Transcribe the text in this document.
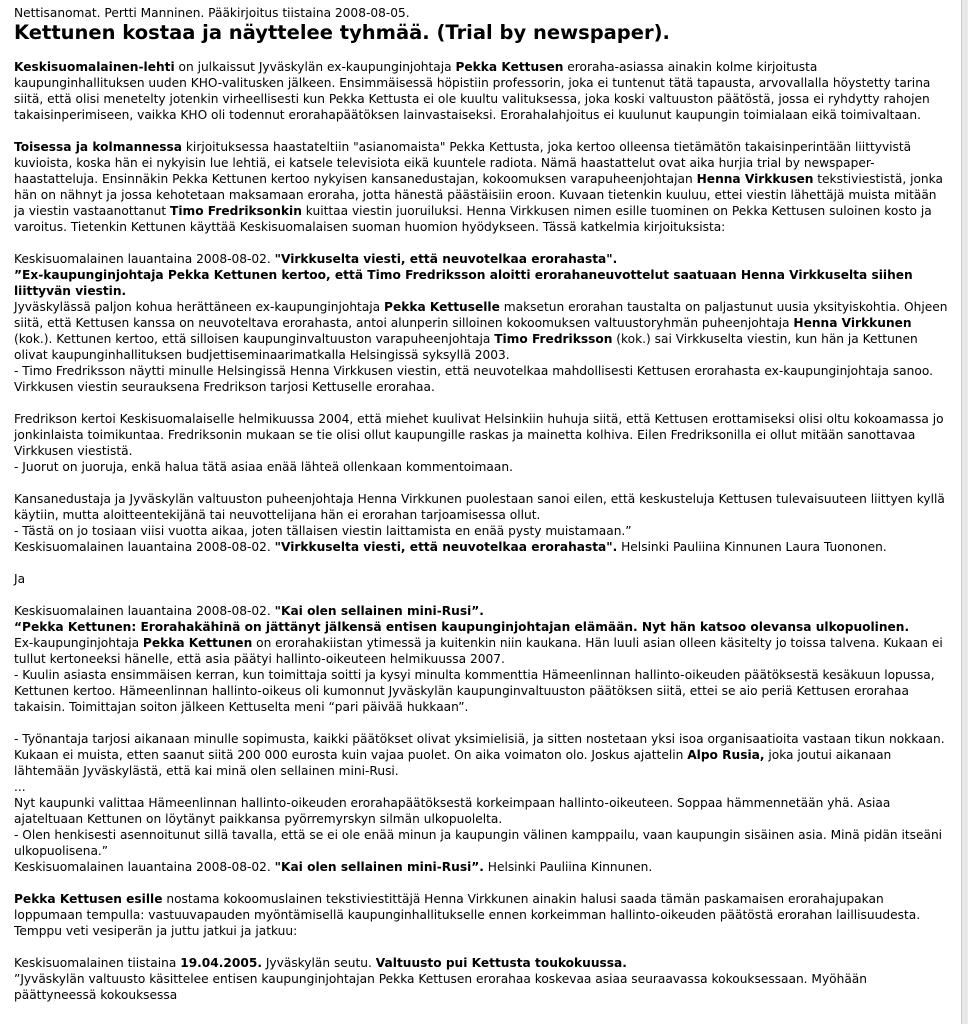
Nettisanomat. Pertti Manninen. Pääkirjoitus tiistaina 2008-08-05.
Kettunen kostaa ja näyttelee tyhmää. (Trial by newspaper).

Keskisuomalainen-lehti on julkaissut Jyväskylän ex-kaupunginjohtaja Pekka Kettusen eroraha-asiassa ainakin kolme kirjoitusta kaupunginhallituksen uuden KHO-valitusken jälkeen. Ensimmäisessä höpistiin professorin, joka ei tuntenut tätä tapausta, arvovallalla höystetty tarina siitä, että olisi menetelty jotenkin virheellisesti kun Pekka Kettusta ei ole kuultu valituksessa, joka koski valtuuston päätöstä, jossa ei ryhdytty rahojen takaisinperimiseen, vaikka KHO oli todennut erorahapäätöksen lainvastaiseksi. Erorahalahjoitus ei kuulunut kaupungin toimialaan eikä toimivaltaan.

Toisessa ja kolmannessa kirjoituksessa haastateltiin "asianomaista" Pekka Kettusta, joka kertoo olleensa tietämätön takaisinperintään liittyvistä kuvioista, koska hän ei nykyisin lue lehtiä, ei katsele televisiota eikä kuuntele radiota. Nämä haastattelut ovat aika hurjia trial by newspaper-haastatteluja. Ensinnäkin Pekka Kettunen kertoo nykyisen kansanedustajan, kokoomuksen varapuheenjohtajan Henna Virkkusen tekstiviestistä, jonka hän on nähnyt ja jossa kehotetaan maksamaan eroraha, jotta hänestä päästäisiin eroon. Kuvaan tietenkin kuuluu, ettei viestin lähettäjä muista mitään ja viestin vastaanottanut Timo Fredriksonkin kuittaa viestin juoruiluksi. Henna Virkkusen nimen esille tuominen on Pekka Kettusen suloinen kosto ja varoitus. Tietenkin Kettunen käyttää Keskisuomalaisen suoman huomion hyödykseen. Tässä katkelmia kirjoituksista:

Keskisuomalainen lauantaina 2008-08-02. "Virkkuselta viesti, että neuvotelkaa erorahasta".
”Ex-kaupunginjohtaja Pekka Kettunen kertoo, että Timo Fredriksson aloitti erorahaneuvottelut saatuaan Henna Virkkuselta siihen liittyvän viestin.
Jyväskylässä paljon kohua herättäneen ex-kaupunginjohtaja Pekka Kettuselle maksetun erorahan taustalta on paljastunut uusia yksityiskohtia. Ohjeen siitä, että Kettusen kanssa on neuvoteltava erorahasta, antoi alunperin silloinen kokoomuksen valtuustoryhmän puheenjohtaja Henna Virkkunen (kok.). Kettunen kertoo, että silloisen kaupunginvaltuuston varapuheenjohtaja Timo Fredriksson (kok.) sai Virkkuselta viestin, kun hän ja Kettunen olivat kaupunginhallituksen budjettiseminaarimatkalla Helsingissä syksyllä 2003.
- Timo Fredriksson näytti minulle Helsingissä Henna Virkkusen viestin, että neuvotelkaa mahdollisesti Kettusen erorahasta ex-kaupunginjohtaja sanoo. Virkkusen viestin seurauksena Fredrikson tarjosi Kettuselle erorahaa.
Fredrikson kertoi Keskisuomalaiselle helmikuussa 2004, että miehet kuulivat Helsinkiin huhuja siitä, että Kettusen erottamiseksi olisi oltu kokoamassa jo jonkinlaista toimikuntaa. Fredriksonin mukaan se tie olisi ollut kaupungille raskas ja mainetta kolhiva. Eilen Fredriksonilla ei ollut mitään sanottavaa Virkkusen viestistä.
- Juorut on juoruja, enkä halua tätä asiaa enää lähteä ollenkaan kommentoimaan.
Kansanedustaja ja Jyväskylän valtuuston puheenjohtaja Henna Virkkunen puolestaan sanoi eilen, että keskusteluja Kettusen tulevaisuuteen liittyen kyllä käytiin, mutta aloitteentekijänä tai neuvottelijana hän ei erorahan tarjoamisessa ollut.
- Tästä on jo tosiaan viisi vuotta aikaa, joten tällaisen viestin laittamista en enää pysty muistamaan.”
Keskisuomalainen lauantaina 2008-08-02. "Virkkuselta viesti, että neuvotelkaa erorahasta". Helsinki Pauliina Kinnunen Laura Tuononen.

Ja

Keskisuomalainen lauantaina 2008-08-02. "Kai olen sellainen mini-Rusi”.
“Pekka Kettunen: Erorahakähinä on jättänyt jälkensä entisen kaupunginjohtajan elämään. Nyt hän katsoo olevansa ulkopuolinen.
Ex-kaupunginjohtaja Pekka Kettunen on erorahakiistan ytimessä ja kuitenkin niin kaukana. Hän luuli asian olleen käsitelty jo toissa talvena. Kukaan ei tullut kertoneeksi hänelle, että asia päätyi hallinto-oikeuteen helmikuussa 2007.
- Kuulin asiasta ensimmäisen kerran, kun toimittaja soitti ja kysyi minulta kommenttia Hämeenlinnan hallinto-oikeuden päätöksestä kesäkuun lopussa, Kettunen kertoo. Hämeenlinnan hallinto-oikeus oli kumonnut Jyväskylän kaupunginvaltuuston päätöksen siitä, ettei se aio periä Kettusen erorahaa takaisin. Toimittajan soiton jälkeen Kettuselta meni “pari päivää hukkaan”.
- Työnantaja tarjosi aikanaan minulle sopimusta, kaikki päätökset olivat yksimielisiä, ja sitten nostetaan yksi isoa organisaatioita vastaan tikun nokkaan. Kukaan ei muista, etten saanut siitä 200 000 eurosta kuin vajaa puolet. On aika voimaton olo. Joskus ajattelin Alpo Rusia, joka joutui aikanaan lähtemään Jyväskylästä, että kai minä olen sellainen mini-Rusi.
...
Nyt kaupunki valittaa Hämeenlinnan hallinto-oikeuden erorahapäätöksestä korkeimpaan hallinto-oikeuteen. Soppaa hämmennetään yhä. Asiaa ajateltuaan Kettunen on löytänyt paikkansa pyörremyrskyn silmän ulkopuolelta.
- Olen henkisesti asennoitunut sillä tavalla, että se ei ole enää minun ja kaupungin välinen kamppailu, vaan kaupungin sisäinen asia. Minä pidän itseäni ulkopuolisena.”
Keskisuomalainen lauantaina 2008-08-02. "Kai olen sellainen mini-Rusi”. Helsinki Pauliina Kinnunen.

Pekka Kettusen esille nostama kokoomuslainen tekstiviestittäjä Henna Virkkunen ainakin halusi saada tämän paskamaisen erorahajupakan loppumaan tempulla: vastuuvapauden myöntämisellä kaupunginhallitukselle ennen korkeimman hallinto-oikeuden päätöstä erorahan laillisuudesta. Temppu veti vesiperän ja juttu jatkui ja jatkuu:

Keskisuomalainen tiistaina 19.04.2005. Jyväskylän seutu. Valtuusto pui Kettusta toukokuussa.
”Jyväskylän valtuusto käsittelee entisen kaupunginjohtajan Pekka Kettusen erorahaa koskevaa asiaa seuraavassa kokouksessaan. Myöhään päättyneessä kokouksessa
